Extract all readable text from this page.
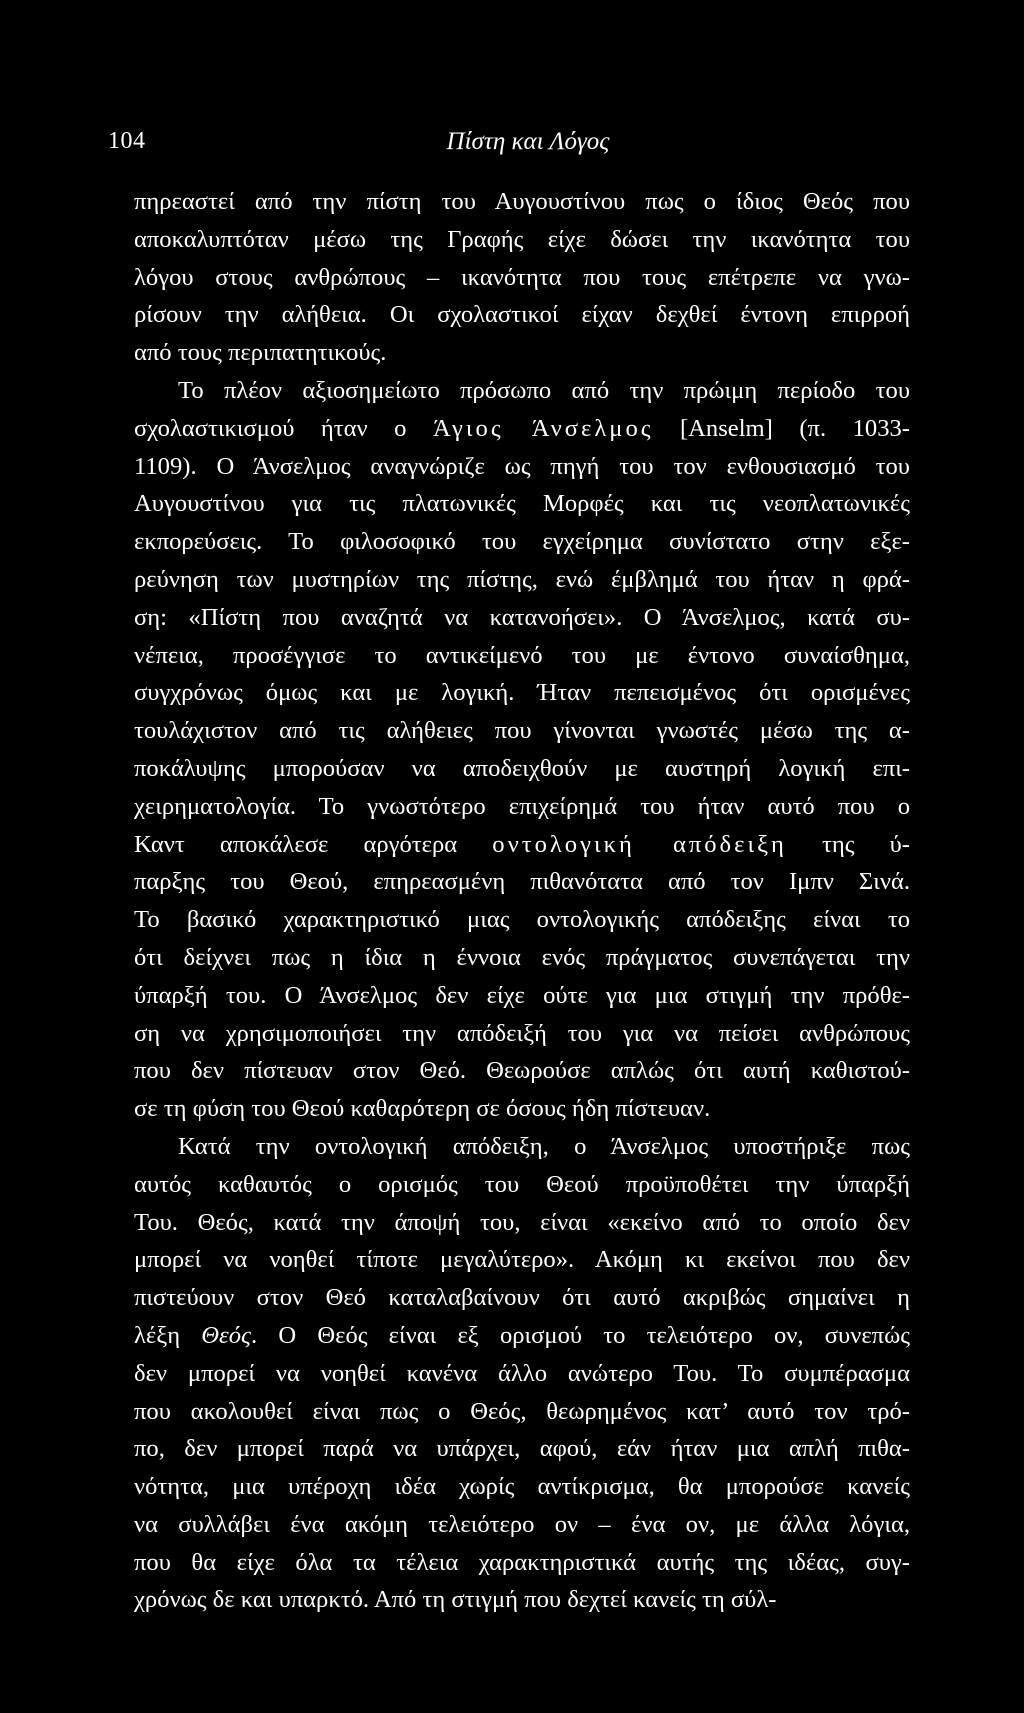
104	Πίστη και Λόγος
πηρεαστεί από την πίστη του Αυγουστίνου πως ο ίδιος Θεός που
αποκαλυπτόταν μέσω της Γραφής είχε δώσει την ικανότητα του
λόγου στους ανθρώπους – ικανότητα που τους επέτρεπε να γνω-
ρίσουν την αλήθεια. Οι σχολαστικοί είχαν δεχθεί έντονη επιρροή
από τους περιπατητικούς.
Το πλέον αξιοσημείωτο πρόσωπο από την πρώιμη περίοδο του
σχολαστικισμού ήταν ο Άγιος Άνσελμος [Anselm] (π. 1033-
1109). Ο Άνσελμος αναγνώριζε ως πηγή του τον ενθουσιασμό του
Αυγουστίνου για τις πλατωνικές Μορφές και τις νεοπλατωνικές
εκπορεύσεις. Το φιλοσοφικό του εγχείρημα συνίστατο στην εξε-
ρεύνηση των μυστηρίων της πίστης, ενώ έμβλημά του ήταν η φρά-
ση: «Πίστη που αναζητά να κατανοήσει». Ο Άνσελμος, κατά συ-
νέπεια, προσέγγισε το αντικείμενό του με έντονο συναίσθημα,
συγχρόνως όμως και με λογική. Ήταν πεπεισμένος ότι ορισμένες
τουλάχιστον από τις αλήθειες που γίνονται γνωστές μέσω της α-
ποκάλυψης μπορούσαν να αποδειχθούν με αυστηρή λογική επι-
χειρηματολογία. Το γνωστότερο επιχείρημά του ήταν αυτό που ο
Καντ αποκάλεσε αργότερα οντολογική απόδειξη της ύ-
παρξης του Θεού, επηρεασμένη πιθανότατα από τον Ιμπν Σινά.
Το βασικό χαρακτηριστικό μιας οντολογικής απόδειξης είναι το
ότι δείχνει πως η ίδια η έννοια ενός πράγματος συνεπάγεται την
ύπαρξή του. Ο Άνσελμος δεν είχε ούτε για μια στιγμή την πρόθε-
ση να χρησιμοποιήσει την απόδειξή του για να πείσει ανθρώπους
που δεν πίστευαν στον Θεό. Θεωρούσε απλώς ότι αυτή καθιστού-
σε τη φύση του Θεού καθαρότερη σε όσους ήδη πίστευαν.
Κατά την οντολογική απόδειξη, ο Άνσελμος υποστήριξε πως
αυτός καθαυτός ο ορισμός του Θεού προϋποθέτει την ύπαρξή
Του. Θεός, κατά την άποψή του, είναι «εκείνο από το οποίο δεν
μπορεί να νοηθεί τίποτε μεγαλύτερο». Ακόμη κι εκείνοι που δεν
πιστεύουν στον Θεό καταλαβαίνουν ότι αυτό ακριβώς σημαίνει η
λέξη Θεός. Ο Θεός είναι εξ ορισμού το τελειότερο ον, συνεπώς
δεν μπορεί να νοηθεί κανένα άλλο ανώτερο Του. Το συμπέρασμα
που ακολουθεί είναι πως ο Θεός, θεωρημένος κατ’ αυτό τον τρό-
πο, δεν μπορεί παρά να υπάρχει, αφού, εάν ήταν μια απλή πιθα-
νότητα, μια υπέροχη ιδέα χωρίς αντίκρισμα, θα μπορούσε κανείς
να συλλάβει ένα ακόμη τελειότερο ον – ένα ον, με άλλα λόγια,
που θα είχε όλα τα τέλεια χαρακτηριστικά αυτής της ιδέας, συγ-
χρόνως δε και υπαρκτό. Από τη στιγμή που δεχτεί κανείς τη σύλ-
